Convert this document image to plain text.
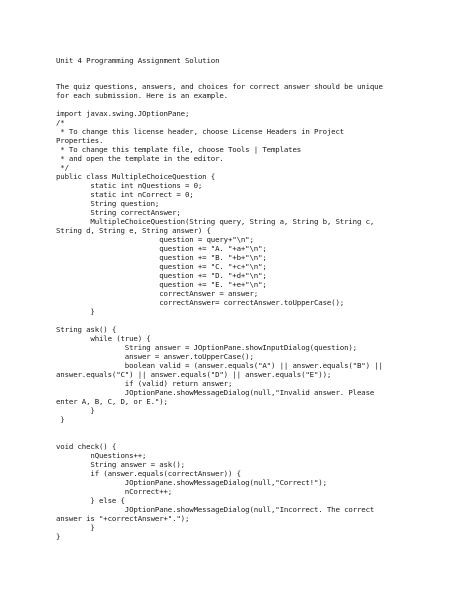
Unit 4 Programming Assignment Solution
The quiz questions, answers, and choices for correct answer should be unique
for each submission. Here is an example.
import javax.swing.JOptionPane;
/*
* To change this license header, choose License Headers in Project
Properties.
* To change this template file, choose Tools | Templates
* and open the template in the editor.
*/
public class MultipleChoiceQuestion {
static int nQuestions = 0;
static int nCorrect = 0;
String question;
String correctAnswer;
MultipleChoiceQuestion(String query, String a, String b, String c,
String d, String e, String answer) {
question = query+"\n";
question += "A. "+a+"\n";
question += "B. "+b+"\n";
question += "C. "+c+"\n";
question += "D. "+d+"\n";
question += "E. "+e+"\n";
correctAnswer = answer;
correctAnswer= correctAnswer.toUpperCase();
}
String ask() {
while (true) {
String answer = JOptionPane.showInputDialog(question);
answer = answer.toUpperCase();
boolean valid = (answer.equals("A") || answer.equals("B") ||
answer.equals("C") || answer.equals("D") || answer.equals("E"));
if (valid) return answer;
JOptionPane.showMessageDialog(null,"Invalid answer. Please
enter A, B, C, D, or E.");
}
}
void check() {
nQuestions++;
String answer = ask();
if (answer.equals(correctAnswer)) {
JOptionPane.showMessageDialog(null,"Correct!");
nCorrect++;
} else {
JOptionPane.showMessageDialog(null,"Incorrect. The correct
answer is "+correctAnswer+".");
}
}
